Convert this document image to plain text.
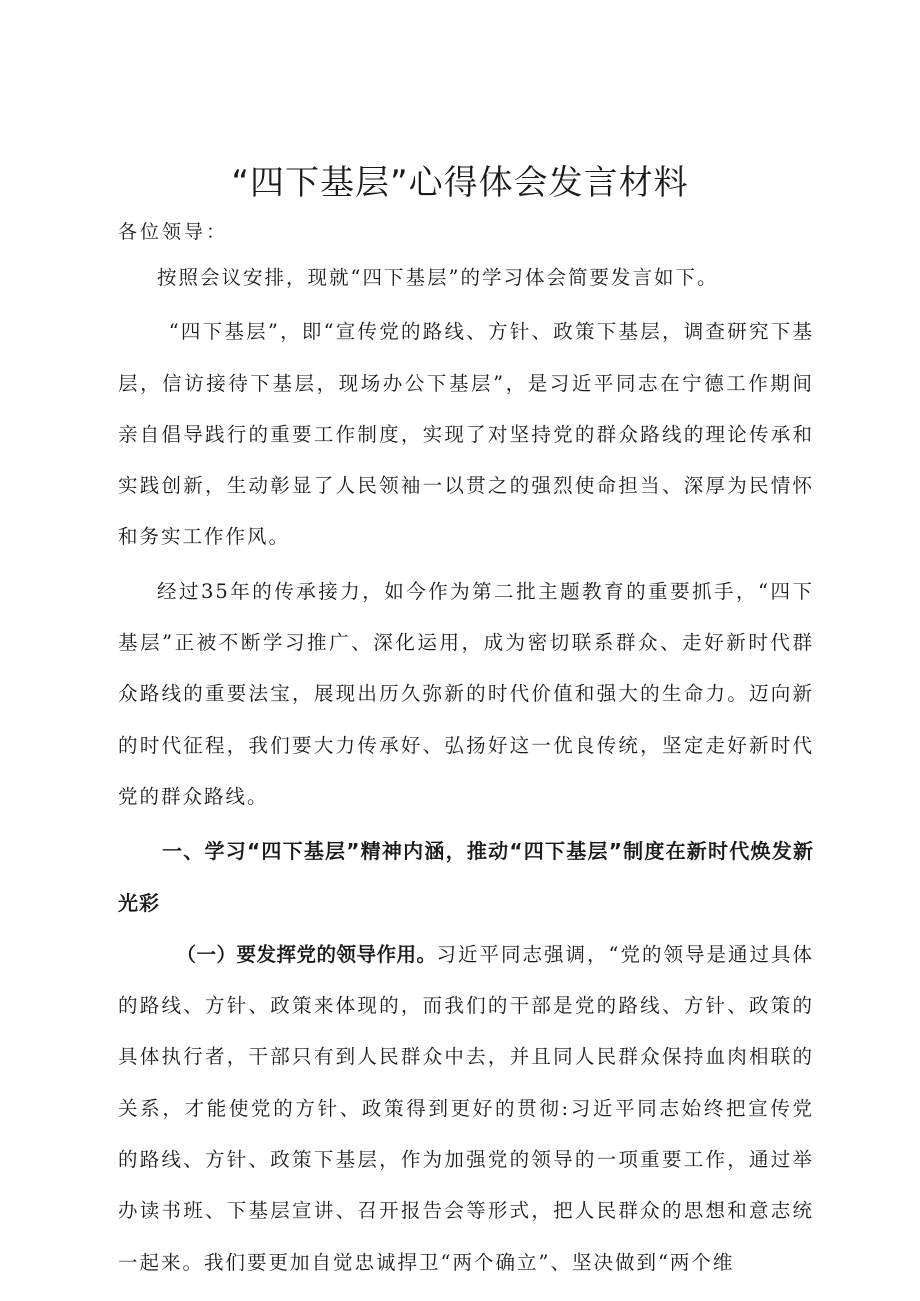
“四下基层”心得体会发言材料
各位领导：

按照会议安排，现就“四下基层”的学习体会简要发言如下。

“四下基层”，即“宣传党的路线、方针、政策下基层，调查研究下基层，信访接待下基层，现场办公下基层”，是习近平同志在宁德工作期间亲自倡导践行的重要工作制度，实现了对坚持党的群众路线的理论传承和实践创新，生动彰显了人民领袖一以贯之的强烈使命担当、深厚为民情怀和务实工作作风。

经过35年的传承接力，如今作为第二批主题教育的重要抓手，“四下基层”正被不断学习推广、深化运用，成为密切联系群众、走好新时代群众路线的重要法宝，展现出历久弥新的时代价值和强大的生命力。迈向新的时代征程，我们要大力传承好、弘扬好这一优良传统，坚定走好新时代党的群众路线。

一、学习“四下基层”精神内涵，推动“四下基层”制度在新时代焕发新光彩

（一）要发挥党的领导作用。习近平同志强调，“党的领导是通过具体的路线、方针、政策来体现的，而我们的干部是党的路线、方针、政策的具体执行者，干部只有到人民群众中去，并且同人民群众保持血肉相联的关系，才能使党的方针、政策得到更好的贯彻:习近平同志始终把宣传党的路线、方针、政策下基层，作为加强党的领导的一项重要工作，通过举办读书班、下基层宣讲、召开报告会等形式，把人民群众的思想和意志统一起来。我们要更加自觉忠诚捍卫“两个确立”、坚决做到“两个维
